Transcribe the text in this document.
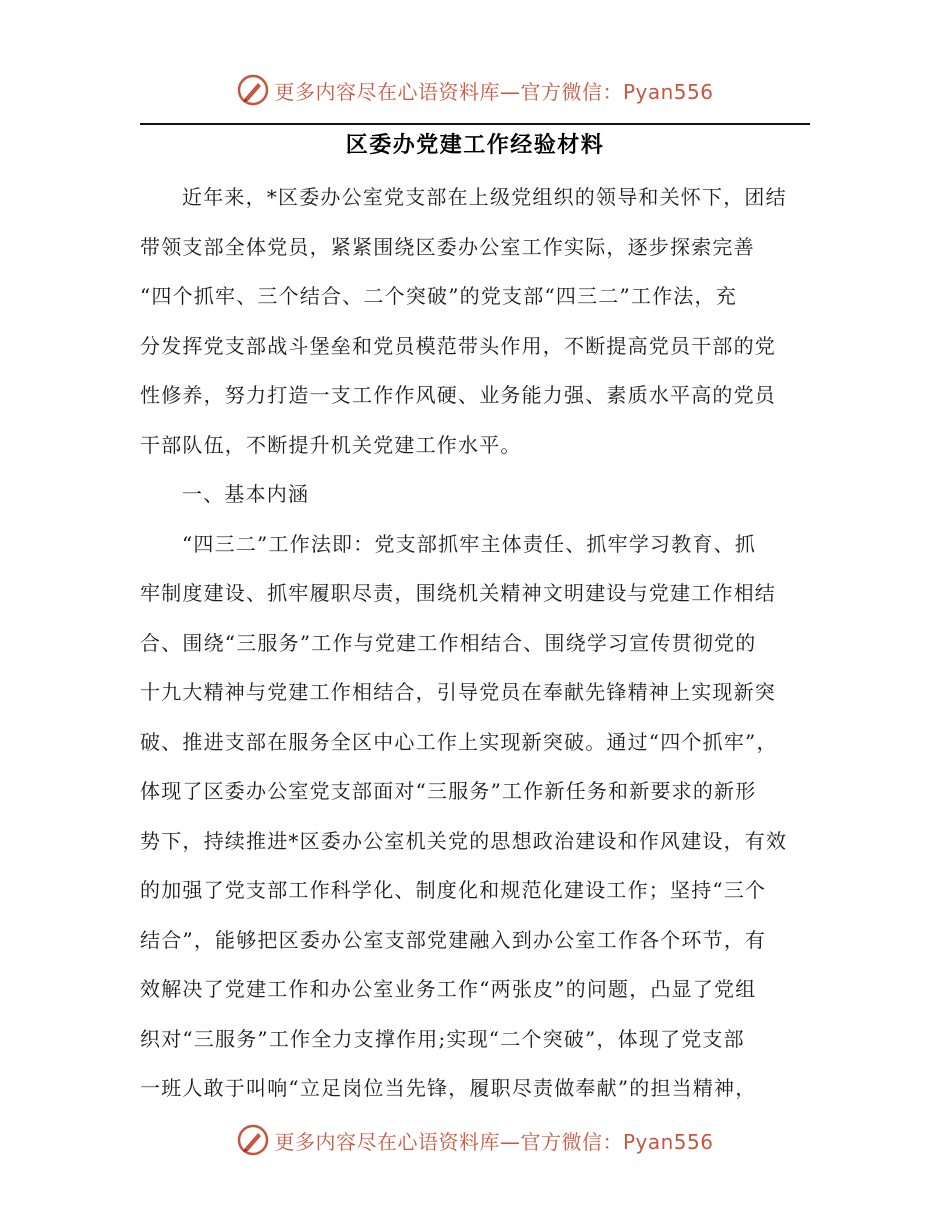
更多内容尽在心语资料库—官方微信：Pyan556
区委办党建工作经验材料
近年来，*区委办公室党支部在上级党组织的领导和关怀下，团结
带领支部全体党员，紧紧围绕区委办公室工作实际，逐步探索完善
“四个抓牢、三个结合、二个突破”的党支部“四三二”工作法，充
分发挥党支部战斗堡垒和党员模范带头作用，不断提高党员干部的党
性修养，努力打造一支工作作风硬、业务能力强、素质水平高的党员
干部队伍，不断提升机关党建工作水平。
一、基本内涵
“四三二”工作法即：党支部抓牢主体责任、抓牢学习教育、抓
牢制度建设、抓牢履职尽责，围绕机关精神文明建设与党建工作相结
合、围绕“三服务”工作与党建工作相结合、围绕学习宣传贯彻党的
十九大精神与党建工作相结合，引导党员在奉献先锋精神上实现新突
破、推进支部在服务全区中心工作上实现新突破。通过“四个抓牢”，
体现了区委办公室党支部面对“三服务”工作新任务和新要求的新形
势下，持续推进*区委办公室机关党的思想政治建设和作风建设，有效
的加强了党支部工作科学化、制度化和规范化建设工作；坚持“三个
结合”，能够把区委办公室支部党建融入到办公室工作各个环节，有
效解决了党建工作和办公室业务工作“两张皮”的问题，凸显了党组
织对“三服务”工作全力支撑作用;实现“二个突破”，体现了党支部
一班人敢于叫响“立足岗位当先锋，履职尽责做奉献”的担当精神，
更多内容尽在心语资料库—官方微信：Pyan556
